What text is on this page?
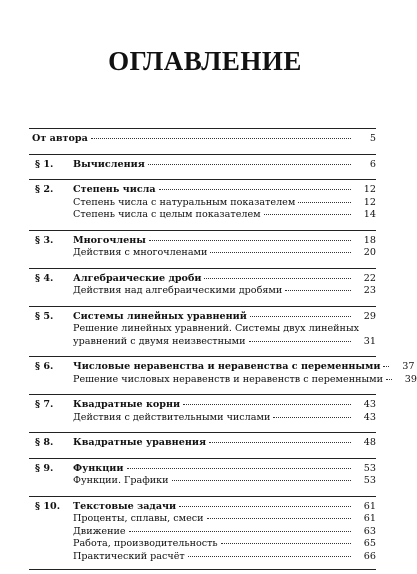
ОГЛАВЛЕНИЕ
От автора	5
§ 1.	Вычисления	6
§ 2.	Степень числа	12
Степень числа с натуральным показателем	12
Степень числа с целым показателем	14
§ 3.	Многочлены	18
Действия с многочленами	20
§ 4.	Алгебраические дроби	22
Действия над алгебраическими дробями	23
§ 5.	Системы линейных уравнений	29
Решение линейных уравнений. Системы двух линейных
уравнений с двумя неизвестными	31
§ 6.	Числовые неравенства и неравенства с переменными	37
Решение числовых неравенств и неравенств с переменными	39
§ 7.	Квадратные корни	43
Действия с действительными числами	43
§ 8.	Квадратные уравнения	48
§ 9.	Функции	53
Функции. Графики	53
§ 10.	Текстовые задачи	61
Проценты, сплавы, смеси	61
Движение	63
Работа, производительность	65
Практический расчёт	66
